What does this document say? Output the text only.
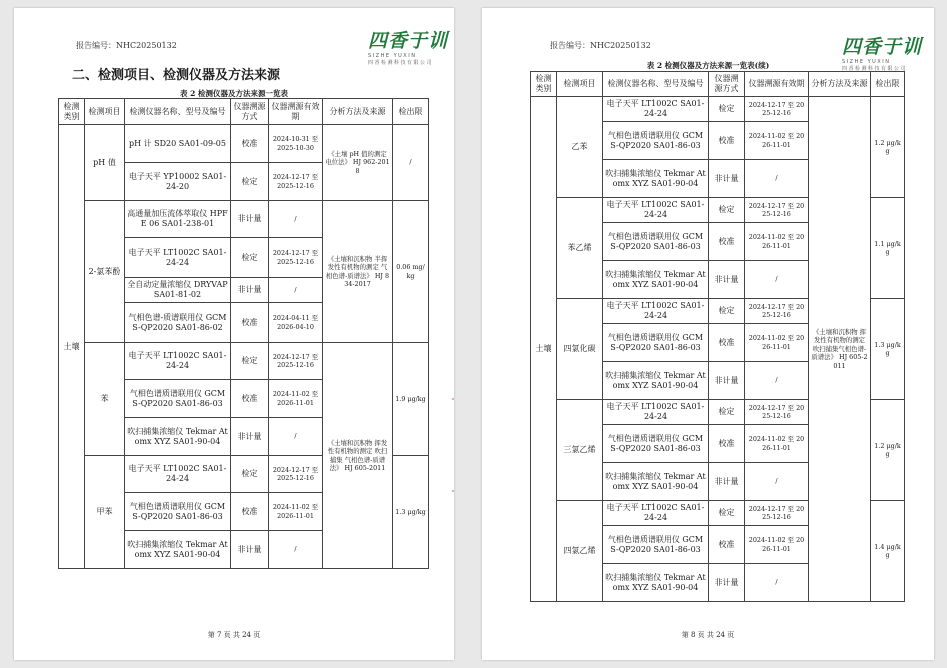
报告编号：NHC20250132	四香于训
SIZHE YUXIN
四香检测科技有限公司
二、检测项目、检测仪器及方法来源
表 2 检测仪器及方法来源一览表
检测类别	检测项目	检测仪器名称、型号及编号	仪器溯源方式	仪器溯源有效期	分析方法及来源	检出限
土壤	pH 值	pH 计 SD20 SA01-09-05	校准	2024-10-31 至 2025-10-30	《土壤 pH 值的测定 电位法》 HJ 962-2018	/
		电子天平 YP10002 SA01-24-20	检定	2024-12-17 至 2025-12-16		
	2-氯苯酚	高通量加压流体萃取仪 HPFE 06 SA01-238-01	非计量	/	《土壤和沉积物 半挥发性有机物的测定 气相色谱-质谱法》 HJ 834-2017	0.06 mg/kg
		电子天平 LT1002C SA01-24-24	检定	2024-12-17 至 2025-12-16		
		全自动定量浓缩仪 DRYVAP SA01-81-02	非计量	/		
		气相色谱-质谱联用仪 GCMS-QP2020 SA01-86-02	校准	2024-04-11 至 2026-04-10		
	苯	电子天平 LT1002C SA01-24-24	检定	2024-12-17 至 2025-12-16	《土壤和沉积物 挥发性有机物的测定 吹扫捕集 气相色谱-质谱法》 HJ 605-2011	1.9 μg/kg
		气相色谱质谱联用仪 GCMS-QP2020 SA01-86-03	校准	2024-11-02 至 2026-11-01		
		吹扫捕集浓缩仪 Tekmar Atomx XYZ SA01-90-04	非计量	/		
	甲苯	电子天平 LT1002C SA01-24-24	检定	2024-12-17 至 2025-12-16		1.3 μg/kg
		气相色谱质谱联用仪 GCMS-QP2020 SA01-86-03	校准	2024-11-02 至 2026-11-01		
		吹扫捕集浓缩仪 Tekmar Atomx XYZ SA01-90-04	非计量	/		
第 7 页 共 24 页
报告编号：NHC20250132	四香于训
SIZHE YUXIN
四香检测科技有限公司
表 2 检测仪器及方法来源一览表(续)
检测类别	检测项目	检测仪器名称、型号及编号	仪器溯源方式	仪器溯源有效期	分析方法及来源	检出限
土壤	乙苯	电子天平 LT1002C SA01-24-24	检定	2024-12-17 至 2025-12-16	《土壤和沉积物 挥发性有机物的测定 吹扫捕集气相色谱-质谱法》 HJ 605-2011	1.2 μg/kg
		气相色谱质谱联用仪 GCMS-QP2020 SA01-86-03	校准	2024-11-02 至 2026-11-01		
		吹扫捕集浓缩仪 Tekmar Atomx XYZ SA01-90-04	非计量	/		
	苯乙烯	电子天平 LT1002C SA01-24-24	检定	2024-12-17 至 2025-12-16		1.1 μg/kg
		气相色谱质谱联用仪 GCMS-QP2020 SA01-86-03	校准	2024-11-02 至 2026-11-01		
		吹扫捕集浓缩仪 Tekmar Atomx XYZ SA01-90-04	非计量	/		
	四氯化碳	电子天平 LT1002C SA01-24-24	检定	2024-12-17 至 2025-12-16		1.3 μg/kg
		气相色谱质谱联用仪 GCMS-QP2020 SA01-86-03	校准	2024-11-02 至 2026-11-01		
		吹扫捕集浓缩仪 Tekmar Atomx XYZ SA01-90-04	非计量	/		
	三氯乙烯	电子天平 LT1002C SA01-24-24	检定	2024-12-17 至 2025-12-16		1.2 μg/kg
		气相色谱质谱联用仪 GCMS-QP2020 SA01-86-03	校准	2024-11-02 至 2026-11-01		
		吹扫捕集浓缩仪 Tekmar Atomx XYZ SA01-90-04	非计量	/		
	四氯乙烯	电子天平 LT1002C SA01-24-24	检定	2024-12-17 至 2025-12-16		1.4 μg/kg
		气相色谱质谱联用仪 GCMS-QP2020 SA01-86-03	校准	2024-11-02 至 2026-11-01		
		吹扫捕集浓缩仪 Tekmar Atomx XYZ SA01-90-04	非计量	/		
第 8 页 共 24 页
